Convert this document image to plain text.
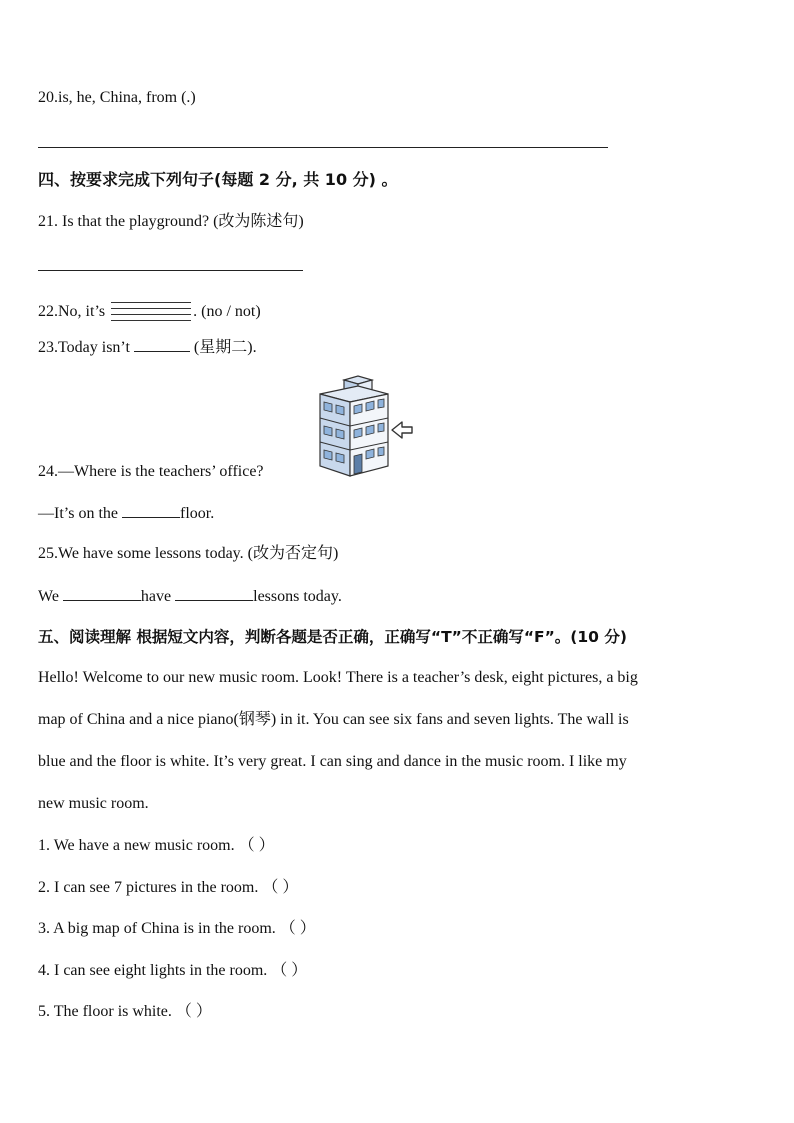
20.is, he, China, from (.)
四、按要求完成下列句子(每题 2 分, 共 10 分) 。
21. Is that the playground? (改为陈述句)
22.No, it’s	. (no / not)
23.Today isn’t	(星期二).
24.—Where is the teachers’ office?
—It’s on the	floor.
25.We have some lessons today. (改为否定句)
We	have	lessons today.
五、阅读理解 根据短文内容，判断各题是否正确，正确写“T”不正确写“F”。(10 分)
Hello! Welcome to our new music room. Look! There is a teacher’s desk, eight pictures, a big
map of China and a nice piano(钢琴) in it. You can see six fans and seven lights. The wall is
blue and the floor is white. It’s very great. I can sing and dance in the music room. I like my
new music room.
1. We have a new music room. （ ）
2. I can see 7 pictures in the room. （ ）
3. A big map of China is in the room. （ ）
4. I can see eight lights in the room. （ ）
5. The floor is white. （ ）
